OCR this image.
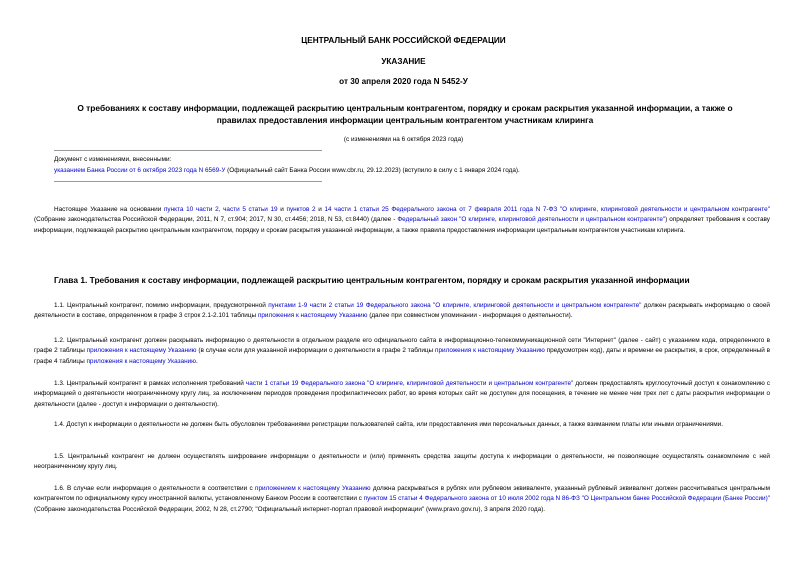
ЦЕНТРАЛЬНЫЙ БАНК РОССИЙСКОЙ ФЕДЕРАЦИИ
УКАЗАНИЕ
от 30 апреля 2020 года N 5452-У
О требованиях к составу информации, подлежащей раскрытию центральным контрагентом, порядку и срокам раскрытия указанной информации, а также о правилах предоставления информации центральным контрагентом участникам клиринга
(с изменениями на 6 октября 2023 года)
Документ с изменениями, внесенными:
указанием Банка России от 6 октября 2023 года N 6569-У (Официальный сайт Банка России www.cbr.ru, 29.12.2023) (вступило в силу с 1 января 2024 года).
Настоящее Указание на основании пункта 10 части 2, части 5 статьи 19 и пунктов 2 и 14 части 1 статьи 25 Федерального закона от 7 февраля 2011 года N 7-ФЗ "О клиринге, клиринговой деятельности и центральном контрагенте" (Собрание законодательства Российской Федерации, 2011, N 7, ст.904; 2017, N 30, ст.4456; 2018, N 53, ст.8440) (далее - Федеральный закон "О клиринге, клиринговой деятельности и центральном контрагенте") определяет требования к составу информации, подлежащей раскрытию центральным контрагентом, порядку и срокам раскрытия указанной информации, а также правила предоставления информации центральным контрагентом участникам клиринга.
Глава 1. Требования к составу информации, подлежащей раскрытию центральным контрагентом, порядку и срокам раскрытия указанной информации
1.1. Центральный контрагент, помимо информации, предусмотренной пунктами 1-9 части 2 статьи 19 Федерального закона "О клиринге, клиринговой деятельности и центральном контрагенте" должен раскрывать информацию о своей деятельности в составе, определенном в графе 3 строк 2.1-2.101 таблицы приложения к настоящему Указанию (далее при совместном упоминании - информация о деятельности).
1.2. Центральный контрагент должен раскрывать информацию о деятельности в отдельном разделе его официального сайта в информационно-телекоммуникационной сети "Интернет" (далее - сайт) с указанием кода, определенного в графе 2 таблицы приложения к настоящему Указанию (в случае если для указанной информации о деятельности в графе 2 таблицы приложения к настоящему Указанию предусмотрен код), даты и времени ее раскрытия, в срок, определенный в графе 4 таблицы приложения к настоящему Указанию.
1.3. Центральный контрагент в рамках исполнения требований части 1 статьи 19 Федерального закона "О клиринге, клиринговой деятельности и центральном контрагенте" должен предоставлять круглосуточный доступ к ознакомлению с информацией о деятельности неограниченному кругу лиц, за исключением периодов проведения профилактических работ, во время которых сайт не доступен для посещения, в течение не менее чем трех лет с даты раскрытия информации о деятельности (далее - доступ к информации о деятельности).
1.4. Доступ к информации о деятельности не должен быть обусловлен требованиями регистрации пользователей сайта, или предоставления ими персональных данных, а также взиманием платы или иными ограничениями.
1.5. Центральный контрагент не должен осуществлять шифрование информации о деятельности и (или) применять средства защиты доступа к информации о деятельности, не позволяющие осуществлять ознакомление с ней неограниченному кругу лиц.
1.6. В случае если информация о деятельности в соответствии с приложением к настоящему Указанию должна раскрываться в рублях или рублевом эквиваленте, указанный рублевый эквивалент должен рассчитываться центральным контрагентом по официальному курсу иностранной валюты, установленному Банком России в соответствии с пунктом 15 статьи 4 Федерального закона от 10 июля 2002 года N 86-ФЗ "О Центральном банке Российской Федерации (Банке России)" (Собрание законодательства Российской Федерации, 2002, N 28, ст.2790; "Официальный интернет-портал правовой информации" (www.pravo.gov.ru), 3 апреля 2020 года).
